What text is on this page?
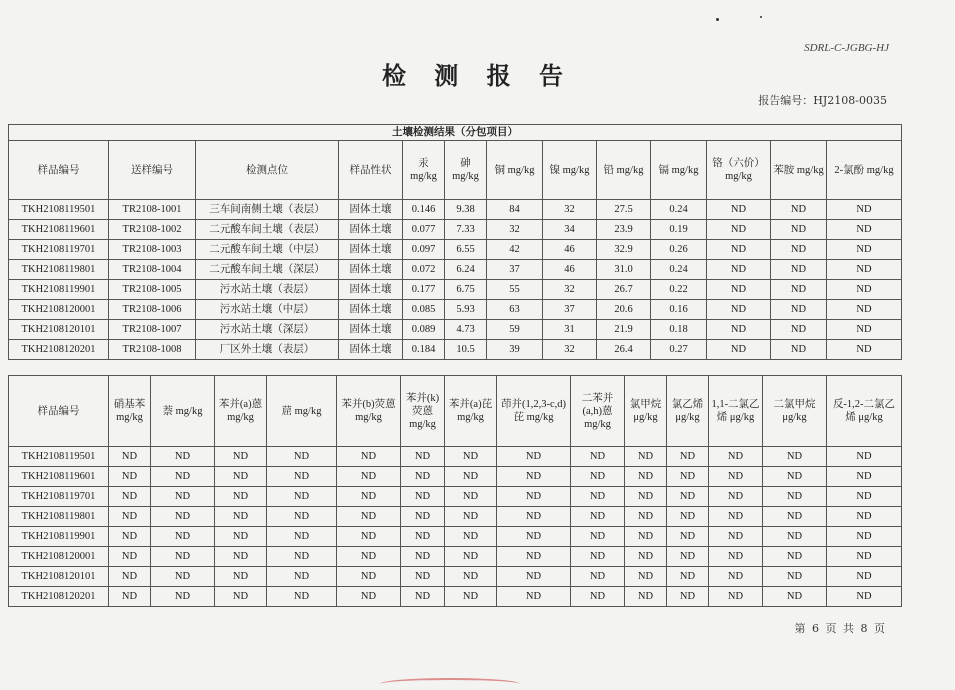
SDRL-C-JGBG-HJ
检 测 报 告
报告编号：HJ2108-0035
土壤检测结果（分包项目）												
样品编号	送样编号	检测点位	样品性状	汞 mg/kg	砷 mg/kg	铜 mg/kg	镍 mg/kg	铅 mg/kg	镉 mg/kg	铬（六价） mg/kg	苯胺 mg/kg	2-氯酚 mg/kg
TKH2108119501	TR2108-1001	三车间南侧土壤（表层）	固体土壤	0.146	9.38	84	32	27.5	0.24	ND	ND	ND
TKH2108119601	TR2108-1002	二元酸车间土壤（表层）	固体土壤	0.077	7.33	32	34	23.9	0.19	ND	ND	ND
TKH2108119701	TR2108-1003	二元酸车间土壤（中层）	固体土壤	0.097	6.55	42	46	32.9	0.26	ND	ND	ND
TKH2108119801	TR2108-1004	二元酸车间土壤（深层）	固体土壤	0.072	6.24	37	46	31.0	0.24	ND	ND	ND
TKH2108119901	TR2108-1005	污水站土壤（表层）	固体土壤	0.177	6.75	55	32	26.7	0.22	ND	ND	ND
TKH2108120001	TR2108-1006	污水站土壤（中层）	固体土壤	0.085	5.93	63	37	20.6	0.16	ND	ND	ND
TKH2108120101	TR2108-1007	污水站土壤（深层）	固体土壤	0.089	4.73	59	31	21.9	0.18	ND	ND	ND
TKH2108120201	TR2108-1008	厂区外土壤（表层）	固体土壤	0.184	10.5	39	32	26.4	0.27	ND	ND	ND
样品编号	硝基苯 mg/kg	萘 mg/kg	苯并(a)蒽 mg/kg	䓛 mg/kg	苯并(b)荧蒽 mg/kg	苯并(k)荧蒽 mg/kg	苯并(a)芘 mg/kg	茚并(1,2,3-c,d)芘 mg/kg	二苯并(a,h)蒽 mg/kg	氯甲烷 μg/kg	氯乙烯 μg/kg	1,1-二氯乙烯 μg/kg	二氯甲烷 μg/kg	反-1,2-二氯乙烯 μg/kg
TKH2108119501	ND	ND	ND	ND	ND	ND	ND	ND	ND	ND	ND	ND	ND	ND
TKH2108119601	ND	ND	ND	ND	ND	ND	ND	ND	ND	ND	ND	ND	ND	ND
TKH2108119701	ND	ND	ND	ND	ND	ND	ND	ND	ND	ND	ND	ND	ND	ND
TKH2108119801	ND	ND	ND	ND	ND	ND	ND	ND	ND	ND	ND	ND	ND	ND
TKH2108119901	ND	ND	ND	ND	ND	ND	ND	ND	ND	ND	ND	ND	ND	ND
TKH2108120001	ND	ND	ND	ND	ND	ND	ND	ND	ND	ND	ND	ND	ND	ND
TKH2108120101	ND	ND	ND	ND	ND	ND	ND	ND	ND	ND	ND	ND	ND	ND
TKH2108120201	ND	ND	ND	ND	ND	ND	ND	ND	ND	ND	ND	ND	ND	ND
第 6 页 共 8 页
